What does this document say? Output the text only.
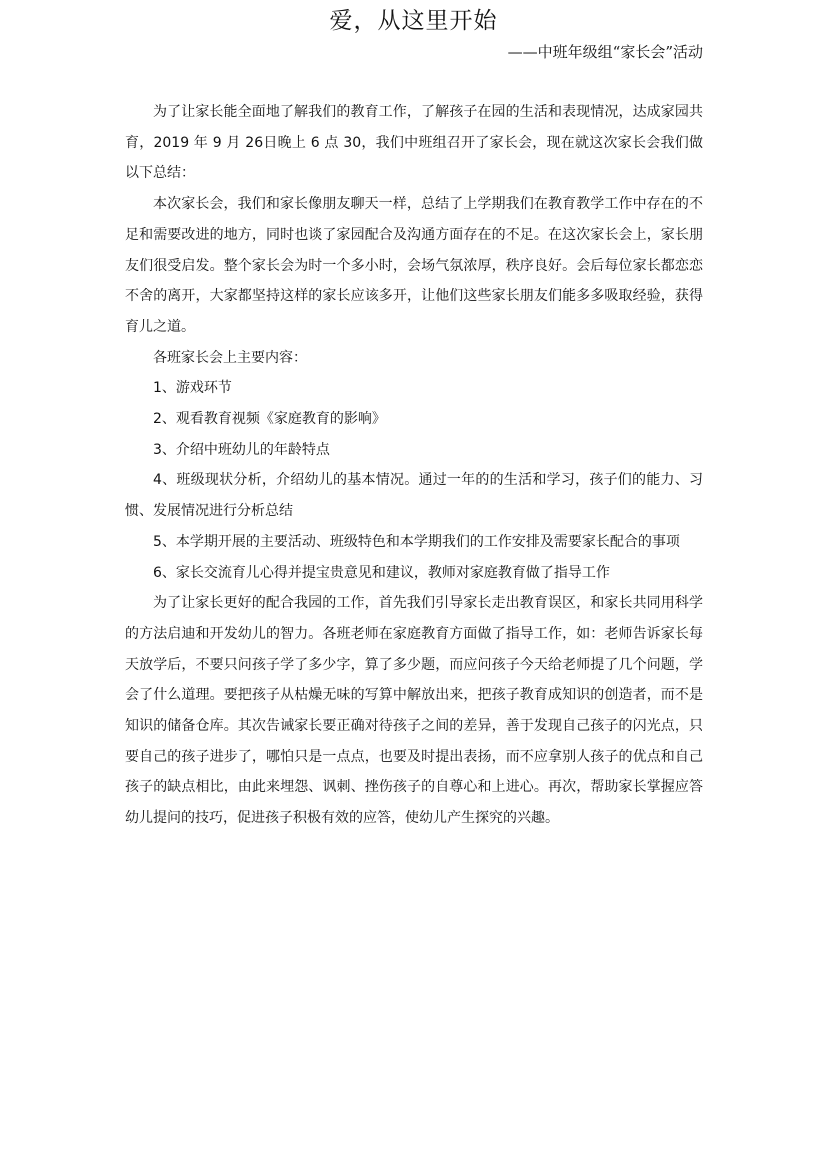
爱，从这里开始
——中班年级组“家长会”活动

为了让家长能全面地了解我们的教育工作，了解孩子在园的生活和表现情况，达成家园共育，2019 年 9 月 26日晚上 6 点 30，我们中班组召开了家长会，现在就这次家长会我们做以下总结：

本次家长会，我们和家长像朋友聊天一样，总结了上学期我们在教育教学工作中存在的不足和需要改进的地方，同时也谈了家园配合及沟通方面存在的不足。在这次家长会上，家长朋友们很受启发。整个家长会为时一个多小时，会场气氛浓厚，秩序良好。会后每位家长都恋恋不舍的离开，大家都坚持这样的家长应该多开，让他们这些家长朋友们能多多吸取经验，获得育儿之道。

各班家长会上主要内容：

1、游戏环节

2、观看教育视频《家庭教育的影响》

3、介绍中班幼儿的年龄特点

4、班级现状分析，介绍幼儿的基本情况。通过一年的的生活和学习，孩子们的能力、习惯、发展情况进行分析总结

5、本学期开展的主要活动、班级特色和本学期我们的工作安排及需要家长配合的事项

6、家长交流育儿心得并提宝贵意见和建议，教师对家庭教育做了指导工作

为了让家长更好的配合我园的工作，首先我们引导家长走出教育误区，和家长共同用科学的方法启迪和开发幼儿的智力。各班老师在家庭教育方面做了指导工作，如：老师告诉家长每天放学后，不要只问孩子学了多少字，算了多少题，而应问孩子今天给老师提了几个问题，学会了什么道理。要把孩子从枯燥无味的写算中解放出来，把孩子教育成知识的创造者，而不是知识的储备仓库。其次告诫家长要正确对待孩子之间的差异，善于发现自己孩子的闪光点，只要自己的孩子进步了，哪怕只是一点点，也要及时提出表扬，而不应拿别人孩子的优点和自己孩子的缺点相比，由此来埋怨、讽刺、挫伤孩子的自尊心和上进心。再次，帮助家长掌握应答幼儿提问的技巧，促进孩子积极有效的应答，使幼儿产生探究的兴趣。
